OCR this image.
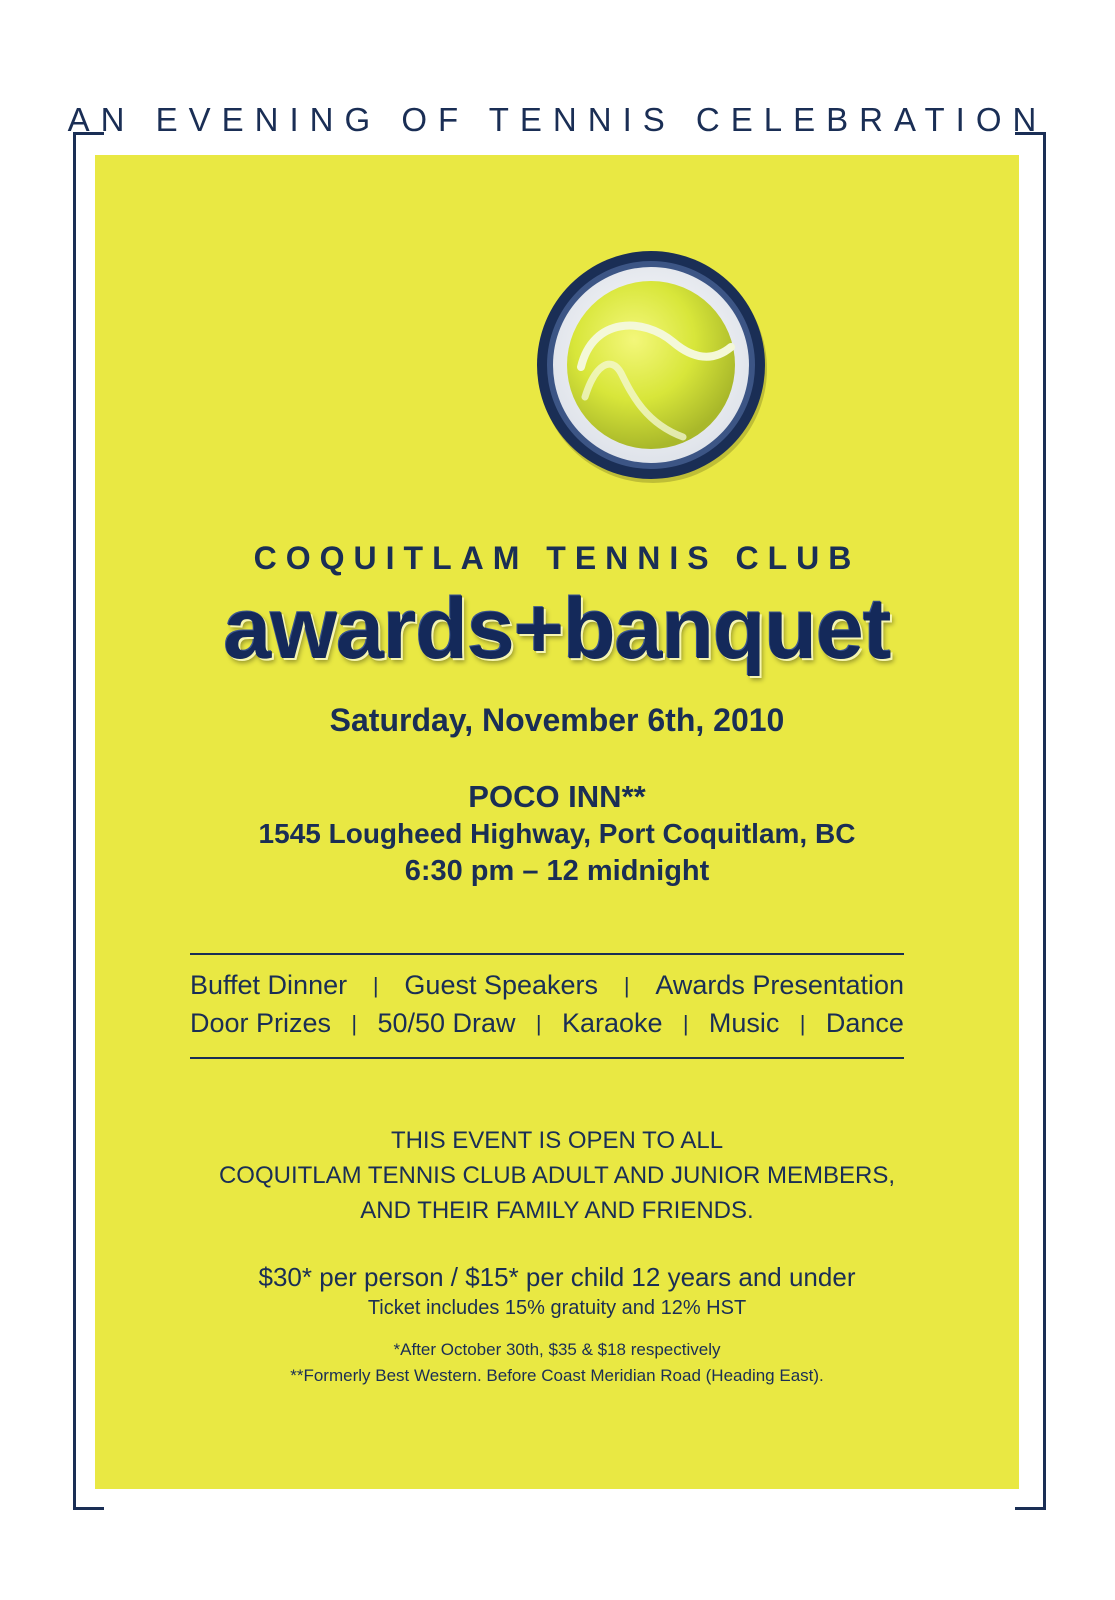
AN EVENING OF TENNIS CELEBRATION
COQUITLAM TENNIS CLUB
awards+banquet
Saturday, November 6th, 2010
POCO INN**
1545 Lougheed Highway, Port Coquitlam, BC
6:30 pm – 12 midnight
Buffet Dinner | Guest Speakers | Awards Presentation
Door Prizes | 50/50 Draw | Karaoke | Music | Dance
THIS EVENT IS OPEN TO ALL
COQUITLAM TENNIS CLUB ADULT AND JUNIOR MEMBERS,
AND THEIR FAMILY AND FRIENDS.
$30* per person / $15* per child 12 years and under
Ticket includes 15% gratuity and 12% HST
*After October 30th, $35 & $18 respectively
**Formerly Best Western. Before Coast Meridian Road (Heading East).
